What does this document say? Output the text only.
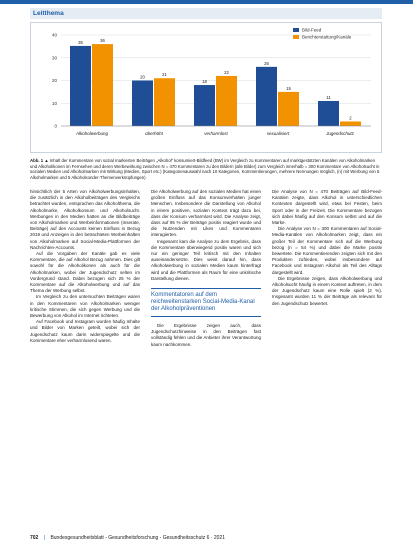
Leitthema
40
30
20
10
0
Bild-Feed
Berichterstattung/Kanäle
35	36
Alkoholwerbung
20	21
überhöht
18
22
verharmlost
26
15
sexualisiert
11
2
Jugendschutz
Abb. 1 ▲ Inhalt der Kommentare von sozial markierten Beiträgen „Alkohol“ konsumiert-Bildfeed (BW) im Vergleich zu Kommentaren auf marktgestützten Kanälen von Alkoholmarken und Alkoholikonen im Fernsehen und deren Werbewirkung zwischen N = 470 Kommentaren zu den Bildern (alle Bilder) zum Vergleich innerhalb = 300 Kommentare von Alkoholsucht in sozialen Medien und Alkoholmarken mit Wirkung (Medien, Sport etc.) (Kategorienauswahl nach 10 Kategorien, Kommentierungen, mehrere Nennungen möglich, (n) mit Werbung von 5 Alkoholmarken und 5 Alkoholsonder-Themenverknüpfungen)

hinsichtlich der 5 Arten von Alkoholwerbungsinhalten, die zusätzlich in den Alkoholbeiträgen des Vergleichs betrachtet wurden, entsprachen das Alkoholthema, die Alkoholmarke, Alkoholkonsum und Alkoholsucht. Werbungen in den Medien hatten an die Bildbeiträge von Alkoholmarken und Werbeinformationen (Inserate, Beiträge) auf den Accounts keinen Einfluss in Bezug 2019 und Anzeigen in den betrachteten Werbeinhalten von Alkoholmarken auf Social-Media-Plattformen der Nachrichten-Accounts.

Auf die Vorgaben der Kanäle gab es viele Kommentare, die auf Alkohol Bezug nahmen. Dies gilt sowohl für die Alkoholikonen als auch für die Alkoholmarken, wobei der Jugendschutz selten im Vordergrund stand. Dabei bezogen sich 25 % der Kommentare auf die Alkoholwerbung und auf das Thema der Werbung selbst.

Im Vergleich zu den untersuchten Beiträgen waren in den Kommentaren von Alkoholmarken weniger kritische Stimmen, die sich gegen Werbung und die Bewerbung von Alkohol im Internet richteten.

Auf Facebook und Instagram wurden häufig Inhalte und Bilder von Marken geteilt, wobei sich der Jugendschutz kaum darin widerspiegelte und die Kommentare eher verharmlosend waren.

Die Alkoholwerbung auf den sozialen Medien hat einen großen Einfluss auf das Konsumverhalten junger Menschen. Insbesondere die Darstellung von Alkohol in einem positiven, sozialen Kontext trägt dazu bei, dass der Konsum verharmlost wird. Die Analyse zeigt, dass auf 95 % der Beiträge positiv reagiert wurde und die Nutzenden mit Likes und Kommentaren interagierten.

Insgesamt kam die Analyse zu dem Ergebnis, dass die Kommentare überwiegend positiv waren und sich nur ein geringer Teil kritisch mit den Inhalten auseinandersetzte. Dies weist darauf hin, dass Alkoholwerbung in sozialen Medien kaum hinterfragt wird und die Plattformen als Raum für eine unkritische Darstellung dienen.

Kommentatoren auf dem reichweitenstarken Social-Media-Kanal der Alkoholpräventionen

Die Ergebnisse zeigen auch, dass Jugendschutzhinweise in den Beiträgen fast vollständig fehlen und die Anbieter ihrer Verantwortung kaum nachkommen.

Die Analyse von N = 470 Beiträgen auf Bild-Feed-Kanälen zeigte, dass Alkohol in unterschiedlichen Kontexten dargestellt wird, etwa bei Festen, beim Sport oder in der Freizeit. Die Kommentare bezogen sich dabei häufig auf den Konsum selbst und auf die Marke.

Die Analyse von N = 300 Kommentaren auf Social-Media-Kanälen von Alkoholmarken zeigt, dass ein großer Teil der Kommentare sich auf die Werbung bezog (n = 54 %) und dabei die Marke positiv bewertete. Die Kommentierenden zeigten sich mit den Produkten zufrieden, wobei insbesondere auf Facebook und Instagram Alkohol als Teil des Alltags dargestellt wird.

Die Ergebnisse zeigen, dass Alkoholwerbung und Alkoholsucht häufig in einem Kontext auftreten, in dem der Jugendschutz kaum eine Rolle spielt (2 %). Insgesamt wurden 11 % der Beiträge als relevant für den Jugendschutz bewertet.

702 | Bundesgesundheitsblatt - Gesundheitsforschung - Gesundheitsschutz 6 · 2021
